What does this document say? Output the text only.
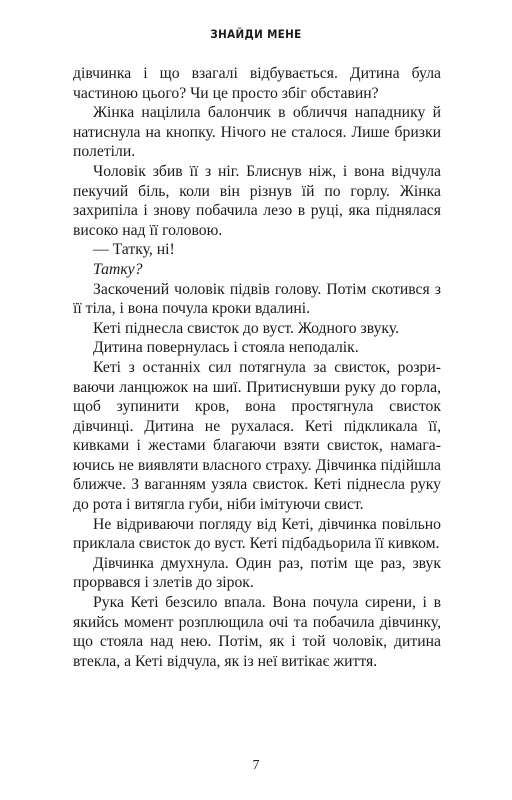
ЗНАЙДИ МЕНЕ

дівчинка і що взагалі відбувається. Дитина була частиною цього? Чи це просто збіг обставин?

Жінка націлила балончик в обличчя нападнику й натиснула на кнопку. Нічого не сталося. Лише бризки полетіли.

Чоловік збив її з ніг. Блиснув ніж, і вона відчула пекучий біль, коли він різнув їй по горлу. Жінка захрипіла і знову побачила лезо в руці, яка піднялася високо над її головою.

— Татку, ні!

Татку?

Заскочений чоловік підвів голову. Потім скотився з її тіла, і вона почула кроки вдалині.

Кеті піднесла свисток до вуст. Жодного звуку.

Дитина повернулась і стояла неподалік.

Кеті з останніх сил потягнула за свисток, розриваючи ланцюжок на шиї. Притиснувши руку до горла, щоб зупинити кров, вона простягнула свисток дівчинці. Дитина не рухалася. Кеті підкликала її, кивками і жестами благаючи взяти свисток, намагаючись не виявляти власного страху. Дівчинка підійшла ближче. З ваганням узяла свисток. Кеті піднесла руку до рота і витягла губи, ніби імітуючи свист.

Не відриваючи погляду від Кеті, дівчинка повільно приклала свисток до вуст. Кеті підбадьорила її кивком.

Дівчинка дмухнула. Один раз, потім ще раз, звук прорвався і злетів до зірок.

Рука Кеті безсило впала. Вона почула сирени, і в якийсь момент розплющила очі та побачила дівчинку, що стояла над нею. Потім, як і той чоловік, дитина втекла, а Кеті відчула, як із неї витікає життя.

7
